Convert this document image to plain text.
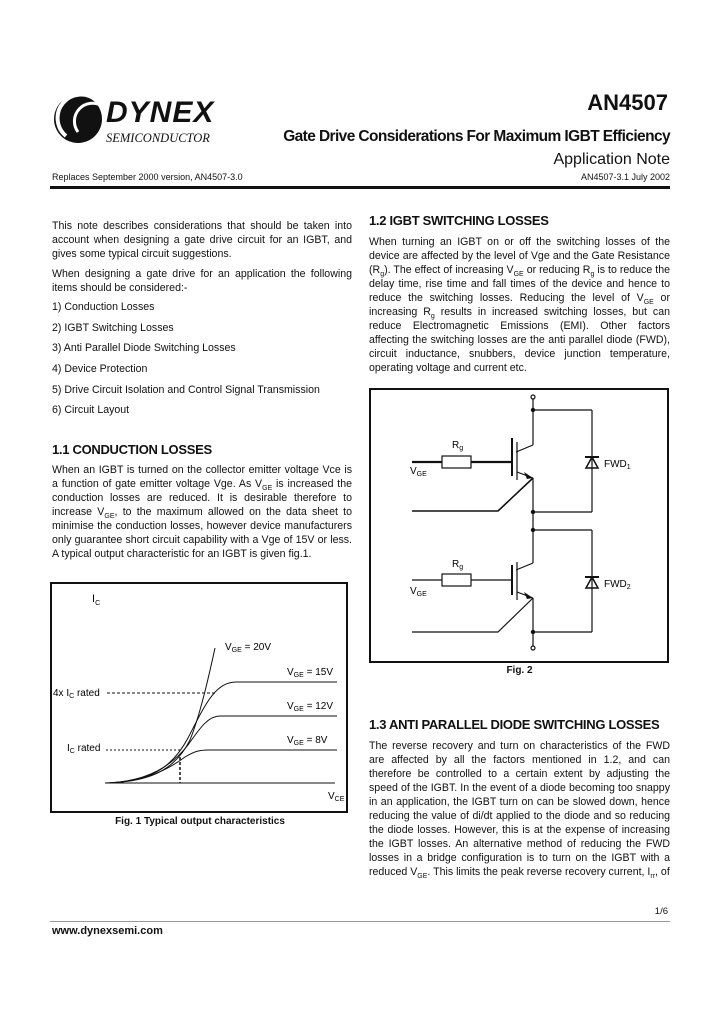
DYNEX
SEMICONDUCTOR
AN4507
Gate Drive Considerations For Maximum IGBT Efficiency
Application Note
Replaces September 2000 version, AN4507-3.0	AN4507-3.1 July 2002

This note describes considerations that should be taken into account when designing a gate drive circuit for an IGBT, and gives some typical circuit suggestions.

When designing a gate drive for an application the following items should be considered:-

1) Conduction Losses
2) IGBT Switching Losses
3) Anti Parallel Diode Switching Losses
4) Device Protection
5) Drive Circuit Isolation and Control Signal Transmission
6) Circuit Layout
1.1 CONDUCTION LOSSES

When an IGBT is turned on the collector emitter voltage Vce is a function of gate emitter voltage Vge. As $V_{GE}$ is increased the conduction losses are reduced. It is desirable therefore to increase $V_{GE}$, to the maximum allowed on the data sheet to minimise the conduction losses, however device manufacturers only guarantee short circuit capability with a Vge of 15V or less. A typical output characteristic for an IGBT is given fig.1.

$I_C$
$V_{GE} = 20V$
$V_{GE} = 15V$
$V_{GE} = 12V$
$V_{GE} = 8V$
4x $I_C$ rated
$I_C$ rated
$V_{CE}$
Fig. 1 Typical output characteristics
1.2 IGBT SWITCHING LOSSES

When turning an IGBT on or off the switching losses of the device are affected by the level of Vge and the Gate Resistance $(R_g)$. The effect of increasing $V_{GE}$ or reducing $R_g$ is to reduce the delay time, rise time and fall times of the device and hence to reduce the switching losses. Reducing the level of $V_{GE}$ or increasing $R_g$ results in increased switching losses, but can reduce Electromagnetic Emissions (EMI). Other factors affecting the switching losses are the anti parallel diode (FWD), circuit inductance, snubbers, device junction temperature, operating voltage and current etc.

$R_g$
$V_{GE}$
$R_g$
$V_{GE}$
$FWD_1$
$FWD_2$
Fig. 2
1.3 ANTI PARALLEL DIODE SWITCHING LOSSES

The reverse recovery and turn on characteristics of the FWD are affected by all the factors mentioned in 1.2, and can therefore be controlled to a certain extent by adjusting the speed of the IGBT. In the event of a diode becoming too snappy in an application, the IGBT turn on can be slowed down, hence reducing the value of di/dt applied to the diode and so reducing the diode losses. However, this is at the expense of increasing the IGBT losses. An alternative method of reducing the FWD losses in a bridge configuration is to turn on the IGBT with a reduced $V_{GE}$. This limits the peak reverse recovery current, $I_{rr}$, of

1/6
www.dynexsemi.com
